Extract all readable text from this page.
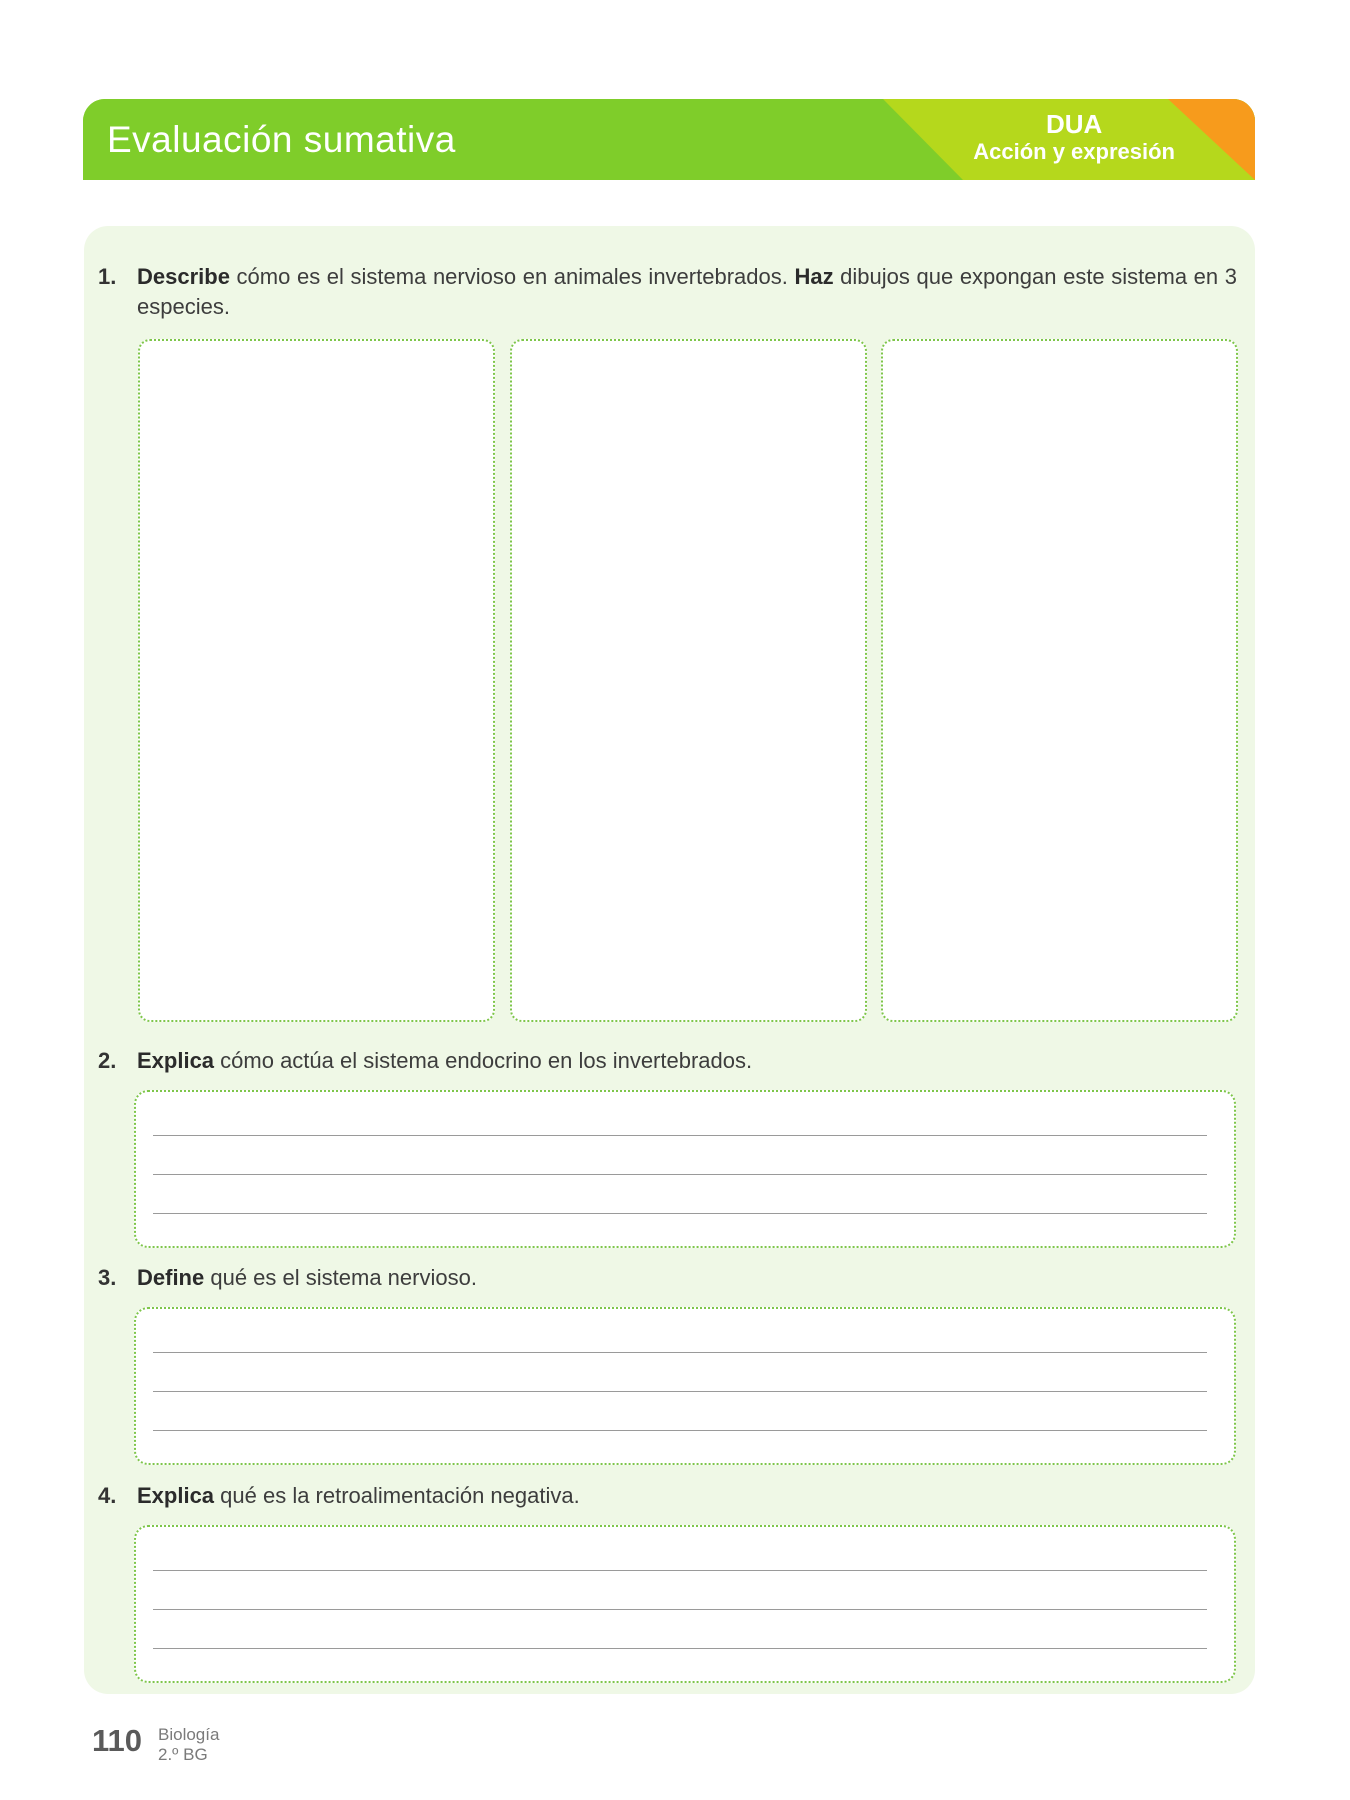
Evaluación sumativa	DUA
Acción y expresión
1. Describe cómo es el sistema nervioso en animales invertebrados. Haz dibujos que expongan este sistema en 3 especies.
2. Explica cómo actúa el sistema endocrino en los invertebrados.
3. Define qué es el sistema nervioso.
4. Explica qué es la retroalimentación negativa.
110 Biología
2.º BG
